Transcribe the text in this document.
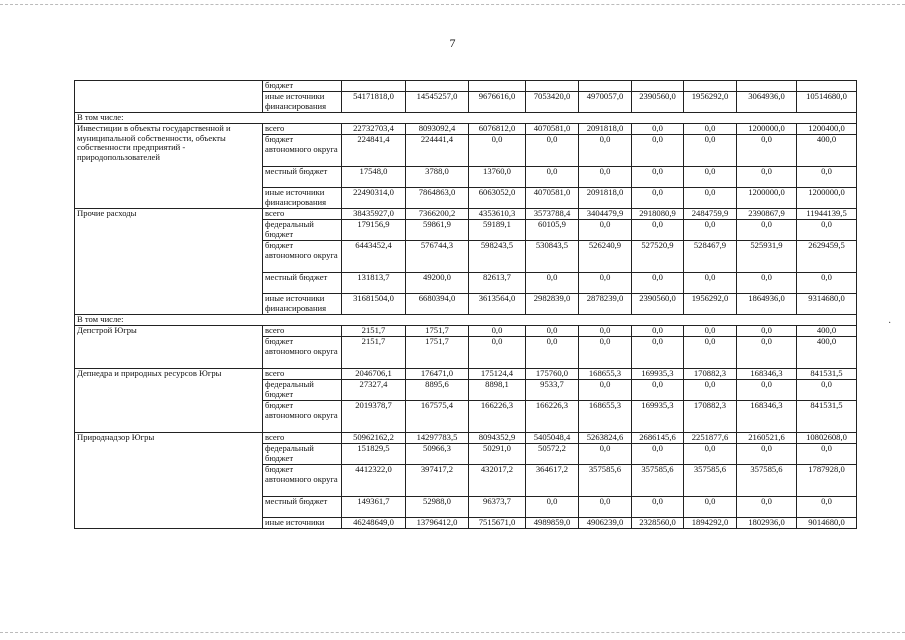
7
·
	бюджет									
	иные источники финансирования	54171818,0	14545257,0	9676616,0	7053420,0	4970057,0	2390560,0	1956292,0	3064936,0	10514680,0
В том числе:										
Инвестиции в объекты государственной и муниципальной собственности, объекты собственности предприятий - природопользователей	всего	22732703,4	8093092,4	6076812,0	4070581,0	2091818,0	0,0	0,0	1200000,0	1200400,0
	бюджет автономного округа	224841,4	224441,4	0,0	0,0	0,0	0,0	0,0	0,0	400,0
	местный бюджет	17548,0	3788,0	13760,0	0,0	0,0	0,0	0,0	0,0	0,0
	иные источники финансирования	22490314,0	7864863,0	6063052,0	4070581,0	2091818,0	0,0	0,0	1200000,0	1200000,0
Прочие расходы	всего	38435927,0	7366200,2	4353610,3	3573788,4	3404479,9	2918080,9	2484759,9	2390867,9	11944139,5
	федеральный бюджет	179156,9	59861,9	59189,1	60105,9	0,0	0,0	0,0	0,0	0,0
	бюджет автономного округа	6443452,4	576744,3	598243,5	530843,5	526240,9	527520,9	528467,9	525931,9	2629459,5
	местный бюджет	131813,7	49200,0	82613,7	0,0	0,0	0,0	0,0	0,0	0,0
	иные источники финансирования	31681504,0	6680394,0	3613564,0	2982839,0	2878239,0	2390560,0	1956292,0	1864936,0	9314680,0
В том числе:										
Депстрой Югры	всего	2151,7	1751,7	0,0	0,0	0,0	0,0	0,0	0,0	400,0
	бюджет автономного округа	2151,7	1751,7	0,0	0,0	0,0	0,0	0,0	0,0	400,0
Депнедра и природных ресурсов Югры	всего	2046706,1	176471,0	175124,4	175760,0	168655,3	169935,3	170882,3	168346,3	841531,5
	федеральный бюджет	27327,4	8895,6	8898,1	9533,7	0,0	0,0	0,0	0,0	0,0
	бюджет автономного округа	2019378,7	167575,4	166226,3	166226,3	168655,3	169935,3	170882,3	168346,3	841531,5
Природнадзор Югры	всего	50962162,2	14297783,5	8094352,9	5405048,4	5263824,6	2686145,6	2251877,6	2160521,6	10802608,0
	федеральный бюджет	151829,5	50966,3	50291,0	50572,2	0,0	0,0	0,0	0,0	0,0
	бюджет автономного округа	4412322,0	397417,2	432017,2	364617,2	357585,6	357585,6	357585,6	357585,6	1787928,0
	местный бюджет	149361,7	52988,0	96373,7	0,0	0,0	0,0	0,0	0,0	0,0
	иные источники	46248649,0	13796412,0	7515671,0	4989859,0	4906239,0	2328560,0	1894292,0	1802936,0	9014680,0
